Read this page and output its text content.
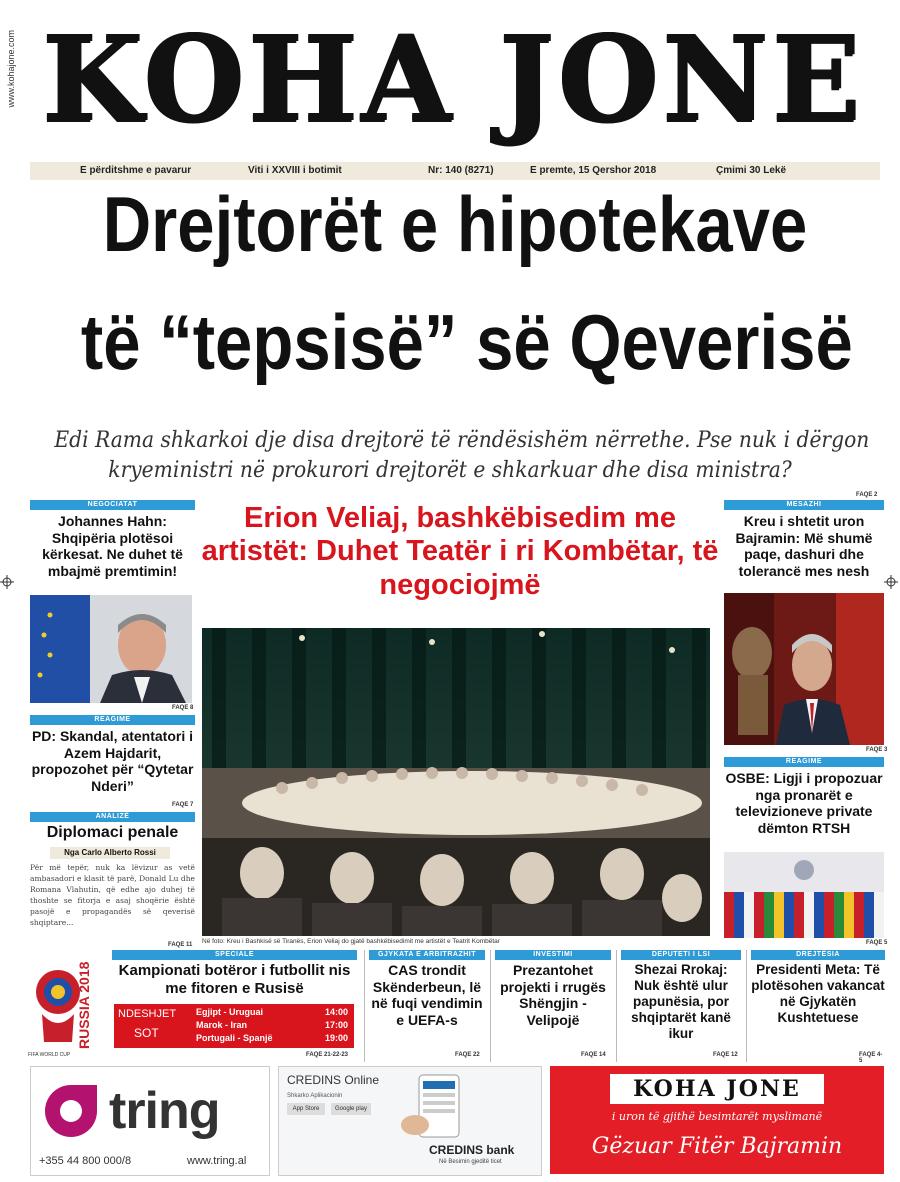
www.kohajone.com KOHA JONE
E përditshme e pavarur	Viti i XXVIII i botimit	Nr: 140 (8271)	E premte, 15 Qershor 2018	Çmimi 30 Lekë
Drejtorët e hipotekave
të “tepsisë” së Qeverisë
Edi Rama shkarkoi dje disa drejtorë të rëndësishëm nërrethe. Pse nuk i dërgon
kryeministri në prokurori drejtorët e shkarkuar dhe disa ministra?
FAQE 2
NEGOCIATAT
Johannes Hahn: Shqipëria plotësoi kërkesat. Ne duhet të mbajmë premtimin!
FAQE 8
REAGIME
PD: Skandal, atentatori i Azem Hajdarit, propozohet për “Qytetar Nderi”
FAQE 7
ANALIZË
Diplomaci penale
Nga Carlo Alberto Rossi
Për më tepër, nuk ka lëvizur as vetë ambasadori e klasit të parë, Donald Lu dhe Romana Vlahutin, që edhe ajo duhej të thoshte se fitorja e asaj shoqërie është pasojë e propagandës së qeverisë shqiptare...
FAQE 11
Erion Veliaj, bashkëbisedim me artistët: Duhet Teatër i ri Kombëtar, të negociojmë
Në foto: Kreu i Bashkisë së Tiranës, Erion Veliaj do gjatë bashkëbisedimit me artistët e Teatrit Kombëtar
MESAZHI
Kreu i shtetit uron Bajramin: Më shumë paqe, dashuri dhe tolerancë mes nesh
FAQE 3
REAGIME
OSBE: Ligji i propozuar nga pronarët e televizioneve private dëmton RTSH
FAQE 5
RUSSIA 2018
FIFA WORLD CUP
SPECIALE
Kampionati botëror i futbollit nis me fitoren e Rusisë
NDESHJET
SOT
Egjipt - Uruguai	14:00
Marok - Iran	17:00
Portugali - Spanjë	19:00
FAQE 21-22-23
GJYKATA E ARBITRAZHIT
CAS trondit Skënderbeun, lë në fuqi vendimin e UEFA-s
FAQE 22
INVESTIMI
Prezantohet projekti i rrugës Shëngjin -Velipojë
FAQE 14
DEPUTETI I LSI
Shezai Rrokaj: Nuk është ulur papunësia, por shqiptarët kanë ikur
FAQE 12
DREJTËSIA
Presidenti Meta: Të plotësohen vakancat në Gjykatën Kushtetuese
FAQE 4-5
tring
+355 44 800 000/8	www.tring.al
CREDINS Online
Shkarko Aplikacionin
App Store	Google play
CREDINS bank
Në Besimin gjeditë ticet
KOHA JONE
i uron të gjithë besimtarët myslimanë
Gëzuar Fitër Bajramin
